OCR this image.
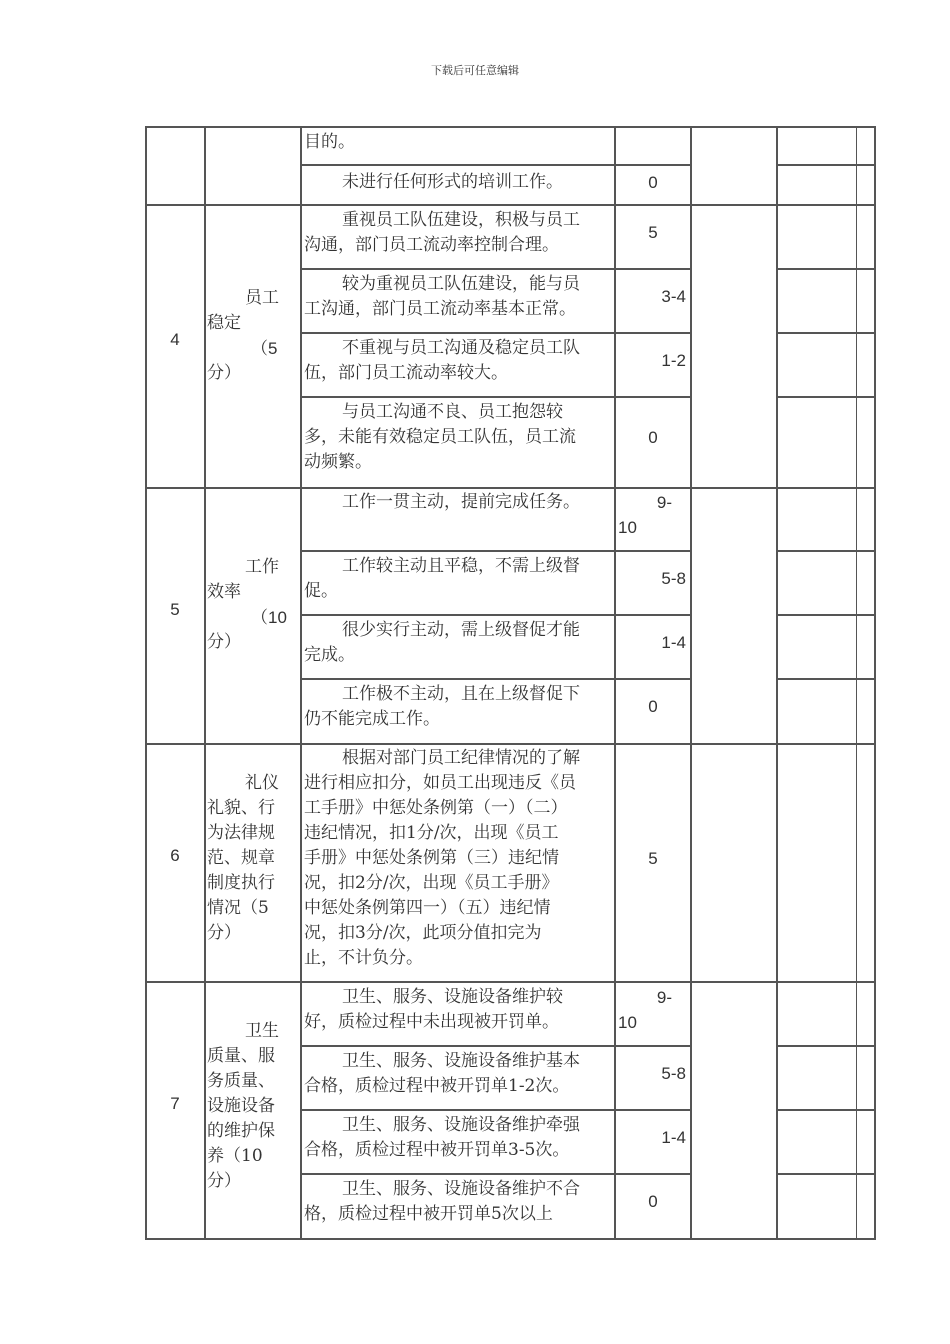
下载后可任意编辑
目的。
未进行任何形式的培训工作。	0
4
员工
稳定
（5
分）
重视员工队伍建设，积极与员工
沟通，部门员工流动率控制合理。
5
较为重视员工队伍建设，能与员
工沟通，部门员工流动率基本正常。
3-4
不重视与员工沟通及稳定员工队
伍，部门员工流动率较大。
1-2
与员工沟通不良、员工抱怨较
多，未能有效稳定员工队伍，员工流
动频繁。
0
5
工作
效率
（10
分）
工作一贯主动，提前完成任务。	9-
10
工作较主动且平稳，不需上级督
促。
5-8
很少实行主动，需上级督促才能
完成。
1-4
工作极不主动，且在上级督促下
仍不能完成工作。
0
6
礼仪
礼貌、行
为法律规
范、规章
制度执行
情况（5
分）
根据对部门员工纪律情况的了解
进行相应扣分，如员工出现违反《员
工手册》中惩处条例第（一）（二）
违纪情况，扣1分/次，出现《员工
手册》中惩处条例第（三）违纪情
况，扣2分/次，出现《员工手册》
中惩处条例第四一）（五）违纪情
况，扣3分/次，此项分值扣完为
止，不计负分。
5
7
卫生
质量、服
务质量、
设施设备
的维护保
养（10
分）
卫生、服务、设施设备维护较
好，质检过程中未出现被开罚单。
9-
10
卫生、服务、设施设备维护基本
合格，质检过程中被开罚单1-2次。
5-8
卫生、服务、设施设备维护牵强
合格，质检过程中被开罚单3-5次。
1-4
卫生、服务、设施设备维护不合
格，质检过程中被开罚单5次以上
0
